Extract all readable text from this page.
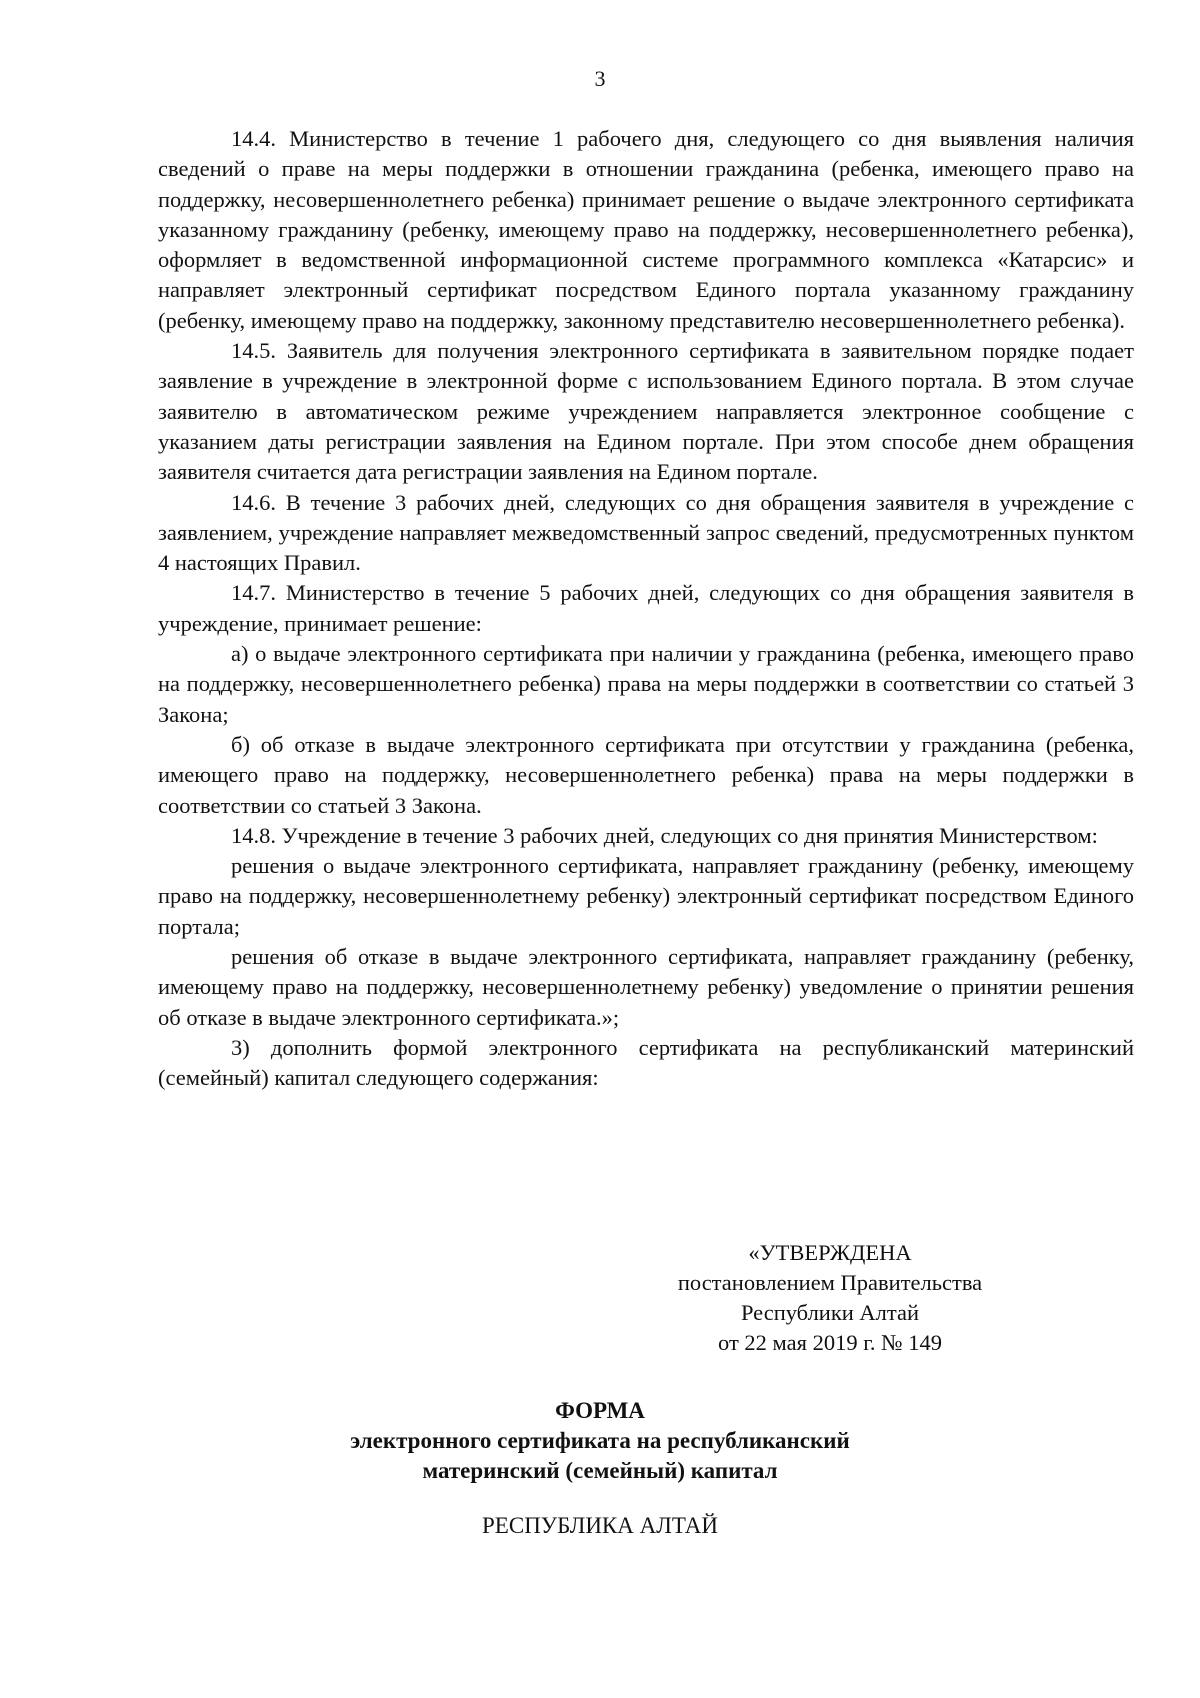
3

14.4. Министерство в течение 1 рабочего дня, следующего со дня выявления наличия сведений о праве на меры поддержки в отношении гражданина (ребенка, имеющего право на поддержку, несовершеннолетнего ребенка) принимает решение о выдаче электронного сертификата указанному гражданину (ребенку, имеющему право на поддержку, несовершеннолетнего ребенка), оформляет в ведомственной информационной системе программного комплекса «Катарсис» и направляет электронный сертификат посредством Единого портала указанному гражданину (ребенку, имеющему право на поддержку, законному представителю несовершеннолетнего ребенка).

14.5. Заявитель для получения электронного сертификата в заявительном порядке подает заявление в учреждение в электронной форме с использованием Единого портала. В этом случае заявителю в автоматическом режиме учреждением направляется электронное сообщение с указанием даты регистрации заявления на Едином портале. При этом способе днем обращения заявителя считается дата регистрации заявления на Едином портале.

14.6. В течение 3 рабочих дней, следующих со дня обращения заявителя в учреждение с заявлением, учреждение направляет межведомственный запрос сведений, предусмотренных пунктом 4 настоящих Правил.

14.7. Министерство в течение 5 рабочих дней, следующих со дня обращения заявителя в учреждение, принимает решение:

а) о выдаче электронного сертификата при наличии у гражданина (ребенка, имеющего право на поддержку, несовершеннолетнего ребенка) права на меры поддержки в соответствии со статьей 3 Закона;

б) об отказе в выдаче электронного сертификата при отсутствии у гражданина (ребенка, имеющего право на поддержку, несовершеннолетнего ребенка) права на меры поддержки в соответствии со статьей 3 Закона.

14.8. Учреждение в течение 3 рабочих дней, следующих со дня принятия Министерством:

решения о выдаче электронного сертификата, направляет гражданину (ребенку, имеющему право на поддержку, несовершеннолетнему ребенку) электронный сертификат посредством Единого портала;

решения об отказе в выдаче электронного сертификата, направляет гражданину (ребенку, имеющему право на поддержку, несовершеннолетнему ребенку) уведомление о принятии решения об отказе в выдаче электронного сертификата.»;

3) дополнить формой электронного сертификата на республиканский материнский (семейный) капитал следующего содержания:

«УТВЕРЖДЕНА
постановлением Правительства
Республики Алтай
от 22 мая 2019 г. № 149
ФОРМА
электронного сертификата на республиканский
материнский (семейный) капитал
РЕСПУБЛИКА АЛТАЙ
